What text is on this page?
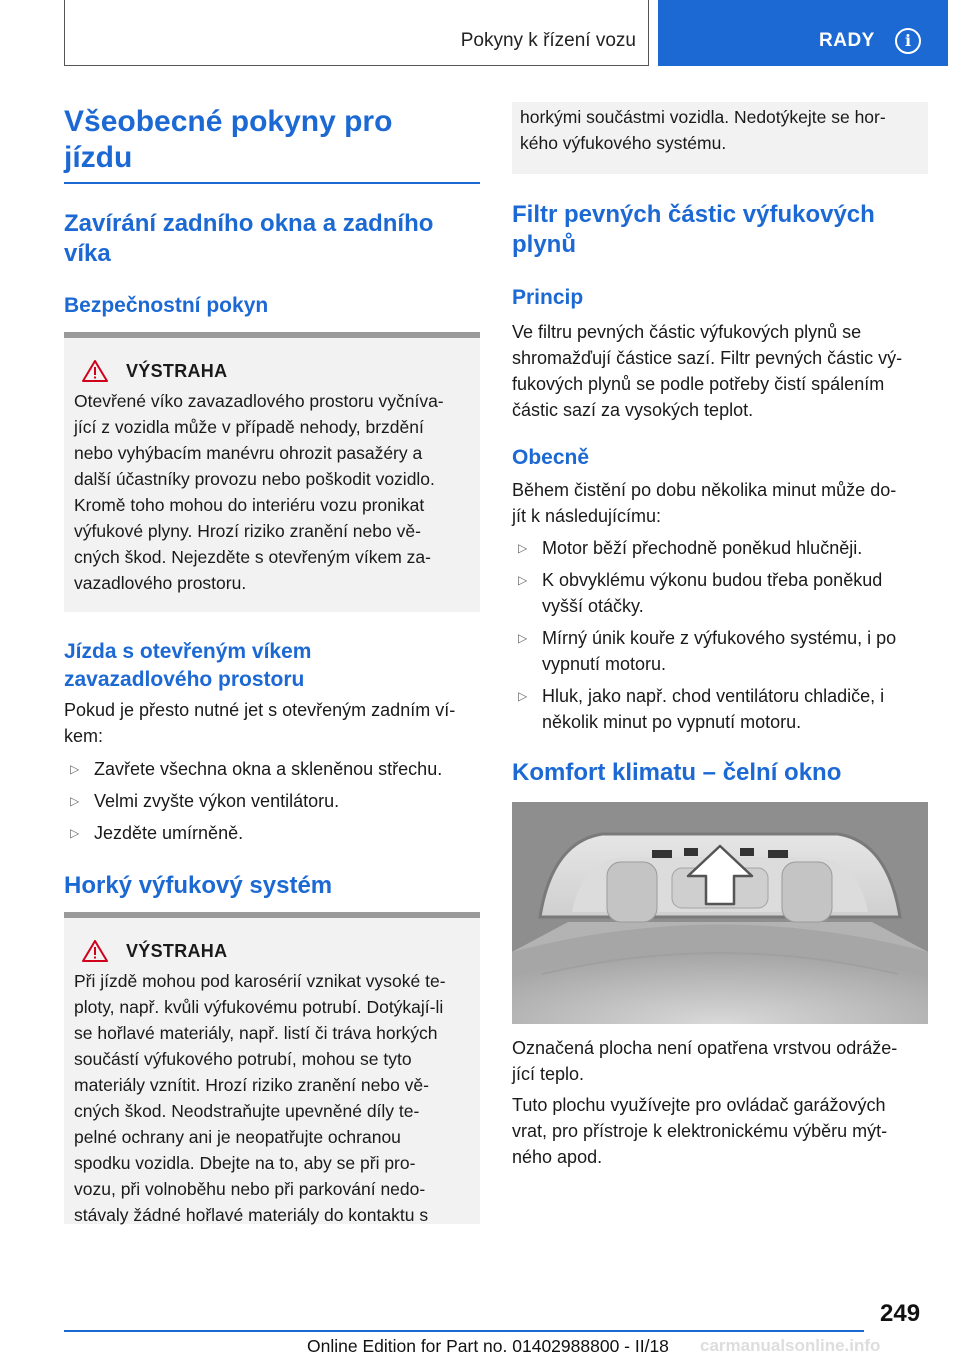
Pokyny k řízení vozu	RADY	i
Všeobecné pokyny pro
jízdu
Zavírání zadního okna a zadního
víka
Bezpečnostní pokyn
VÝSTRAHA
Otevřené víko zavazadlového prostoru vyčníva‐
jící z vozidla může v případě nehody, brzdění
nebo vyhýbacím manévru ohrozit pasažéry a
další účastníky provozu nebo poškodit vozidlo.
Kromě toho mohou do interiéru vozu pronikat
výfukové plyny. Hrozí riziko zranění nebo vě‐
cných škod. Nejezděte s otevřeným víkem za‐
vazadlového prostoru.
Jízda s otevřeným víkem
zavazadlového prostoru
Pokud je přesto nutné jet s otevřeným zadním ví‐
kem:
▷ Zavřete všechna okna a skleněnou střechu.
▷ Velmi zvyšte výkon ventilátoru.
▷ Jezděte umírněně.
Horký výfukový systém
VÝSTRAHA
Při jízdě mohou pod karosérií vznikat vysoké te‐
ploty, např. kvůli výfukovému potrubí. Dotýkají-li
se hořlavé materiály, např. listí či tráva horkých
součástí výfukového potrubí, mohou se tyto
materiály vznítit. Hrozí riziko zranění nebo vě‐
cných škod. Neodstraňujte upevněné díly te‐
pelné ochrany ani je neopatřujte ochranou
spodku vozidla. Dbejte na to, aby se při pro‐
vozu, při volnoběhu nebo při parkování nedo‐
stávaly žádné hořlavé materiály do kontaktu s
horkými součástmi vozidla. Nedotýkejte se hor‐
kého výfukového systému.
Filtr pevných částic výfukových
plynů
Princip
Ve filtru pevných částic výfukových plynů se
shromažďují částice sazí. Filtr pevných částic vý‐
fukových plynů se podle potřeby čistí spálením
částic sazí za vysokých teplot.
Obecně
Během čistění po dobu několika minut může do‐
jít k následujícímu:
▷ Motor běží přechodně poněkud hlučněji.
▷ K obvyklému výkonu budou třeba poněkud
vyšší otáčky.
▷ Mírný únik kouře z výfukového systému, i po
vypnutí motoru.
▷ Hluk, jako např. chod ventilátoru chladiče, i
několik minut po vypnutí motoru.
Komfort klimatu – čelní okno
Označená plocha není opatřena vrstvou odráže‐
jící teplo.
Tuto plochu využívejte pro ovládač garážových
vrat, pro přístroje k elektronickému výběru mýt‐
ného apod.
249
Online Edition for Part no. 01402988800 - II/18 carmanualsonline.info
